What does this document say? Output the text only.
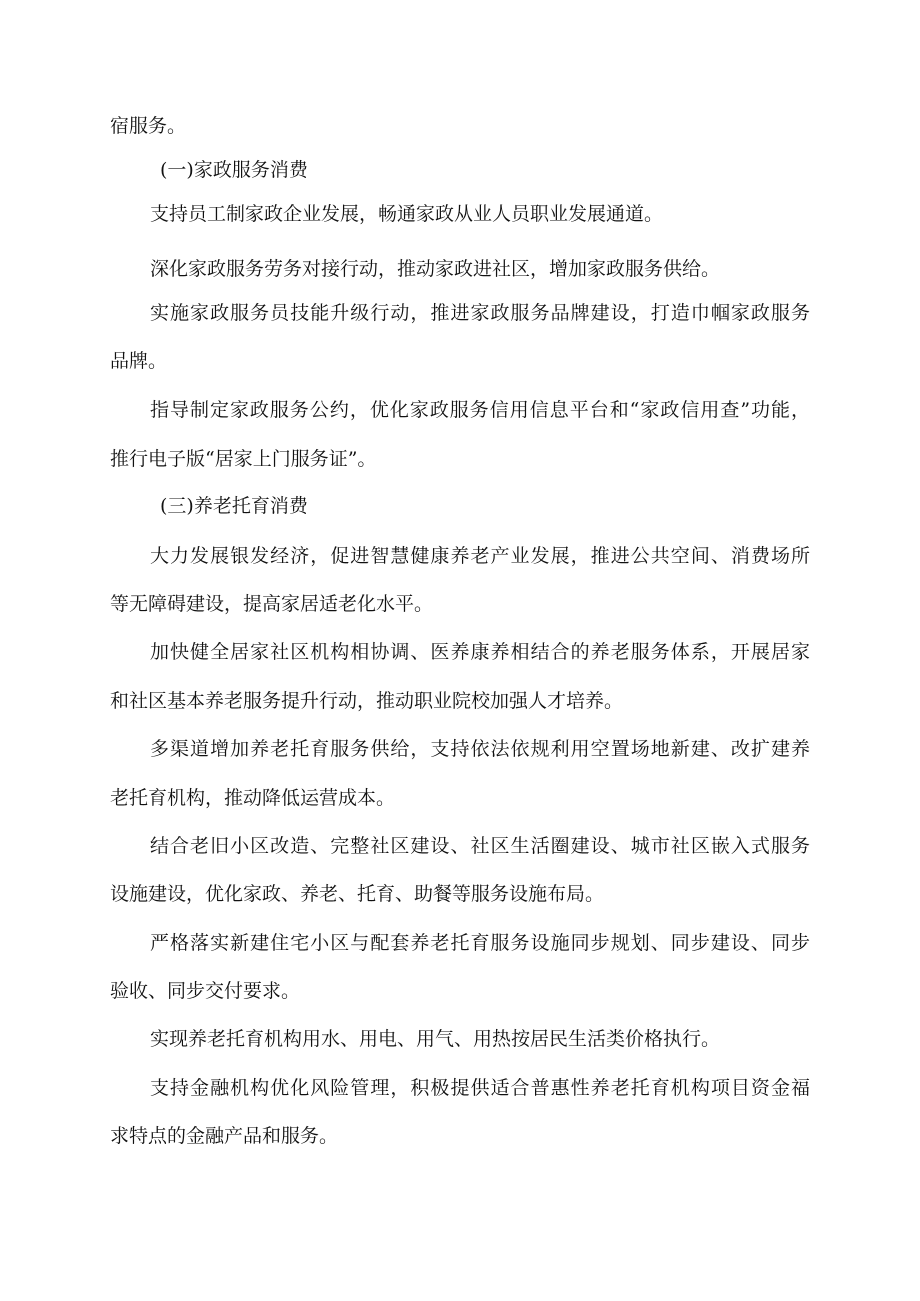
宿服务。
(一)家政服务消费
支持员工制家政企业发展，畅通家政从业人员职业发展通道。
深化家政服务劳务对接行动，推动家政进社区，增加家政服务供给。
实施家政服务员技能升级行动，推进家政服务品牌建设，打造巾帼家政服务
品牌。
指导制定家政服务公约，优化家政服务信用信息平台和“家政信用查”功能，
推行电子版“居家上门服务证”。
(三)养老托育消费
大力发展银发经济，促进智慧健康养老产业发展，推进公共空间、消费场所
等无障碍建设，提高家居适老化水平。
加快健全居家社区机构相协调、医养康养相结合的养老服务体系，开展居家
和社区基本养老服务提升行动，推动职业院校加强人才培养。
多渠道增加养老托育服务供给，支持依法依规利用空置场地新建、改扩建养
老托育机构，推动降低运营成本。
结合老旧小区改造、完整社区建设、社区生活圈建设、城市社区嵌入式服务
设施建设，优化家政、养老、托育、助餐等服务设施布局。
严格落实新建住宅小区与配套养老托育服务设施同步规划、同步建设、同步
验收、同步交付要求。
实现养老托育机构用水、用电、用气、用热按居民生活类价格执行。
支持金融机构优化风险管理，积极提供适合普惠性养老托育机构项目资金福
求特点的金融产品和服务。
